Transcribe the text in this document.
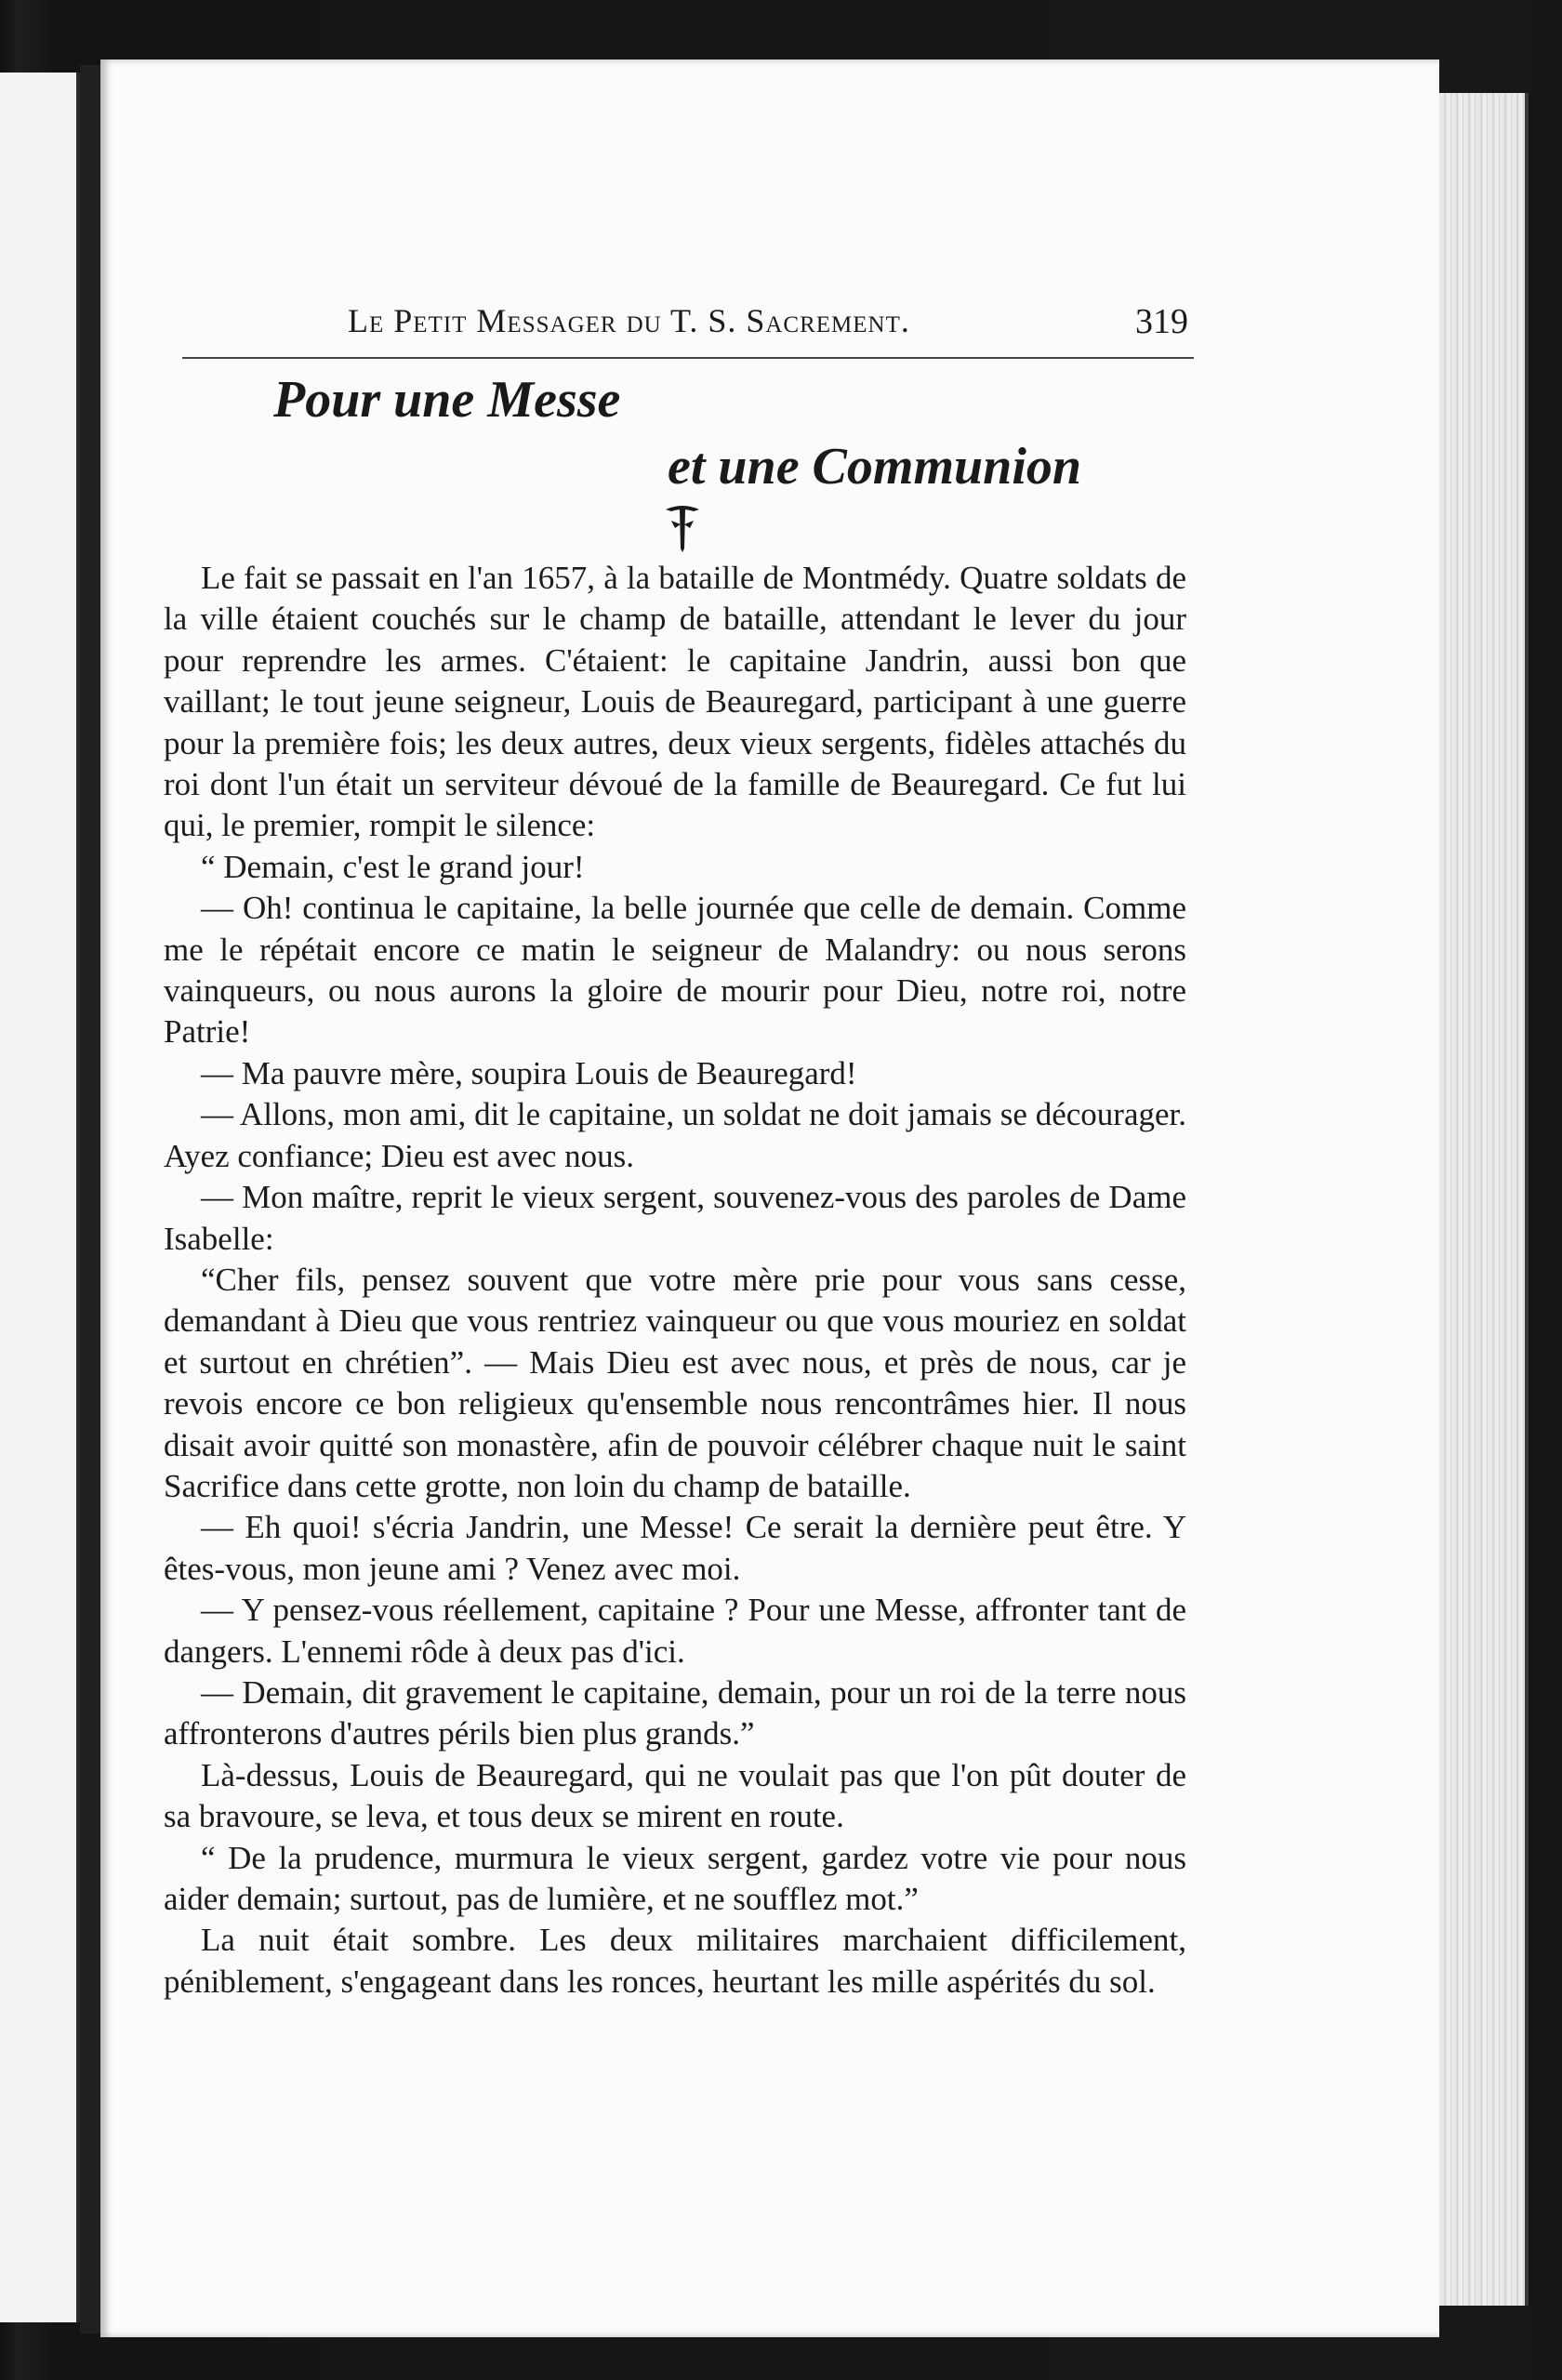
Le Petit Messager du T. S. Sacrement.	319
Pour une Messe
et une Communion

Le fait se passait en l'an 1657, à la bataille de Montmédy. Quatre soldats de la ville étaient couchés sur le champ de bataille, attendant le lever du jour pour reprendre les armes. C'étaient: le capitaine Jandrin, aussi bon que vaillant; le tout jeune seigneur, Louis de Beauregard, participant à une guerre pour la première fois; les deux autres, deux vieux sergents, fidèles attachés du roi dont l'un était un serviteur dévoué de la famille de Beauregard. Ce fut lui qui, le premier, rompit le silence:

“ Demain, c'est le grand jour!

— Oh! continua le capitaine, la belle journée que celle de demain. Comme me le répétait encore ce matin le seigneur de Malandry: ou nous serons vainqueurs, ou nous aurons la gloire de mourir pour Dieu, notre roi, notre Patrie!

— Ma pauvre mère, soupira Louis de Beauregard!

— Allons, mon ami, dit le capitaine, un soldat ne doit jamais se décourager. Ayez confiance; Dieu est avec nous.

— Mon maître, reprit le vieux sergent, souvenez-vous des paroles de Dame Isabelle:

“Cher fils, pensez souvent que votre mère prie pour vous sans cesse, demandant à Dieu que vous rentriez vainqueur ou que vous mouriez en soldat et surtout en chrétien”. — Mais Dieu est avec nous, et près de nous, car je revois encore ce bon religieux qu'ensemble nous rencontrâmes hier. Il nous disait avoir quitté son monastère, afin de pouvoir célébrer chaque nuit le saint Sacrifice dans cette grotte, non loin du champ de bataille.

— Eh quoi! s'écria Jandrin, une Messe! Ce serait la dernière peut être. Y êtes-vous, mon jeune ami ? Venez avec moi.

— Y pensez-vous réellement, capitaine ? Pour une Messe, affronter tant de dangers. L'ennemi rôde à deux pas d'ici.

— Demain, dit gravement le capitaine, demain, pour un roi de la terre nous affronterons d'autres périls bien plus grands.”

Là-dessus, Louis de Beauregard, qui ne voulait pas que l'on pût douter de sa bravoure, se leva, et tous deux se mirent en route.

“ De la prudence, murmura le vieux sergent, gardez votre vie pour nous aider demain; surtout, pas de lumière, et ne soufflez mot.”

La nuit était sombre. Les deux militaires marchaient difficilement, péniblement, s'engageant dans les ronces, heurtant les mille aspérités du sol.
